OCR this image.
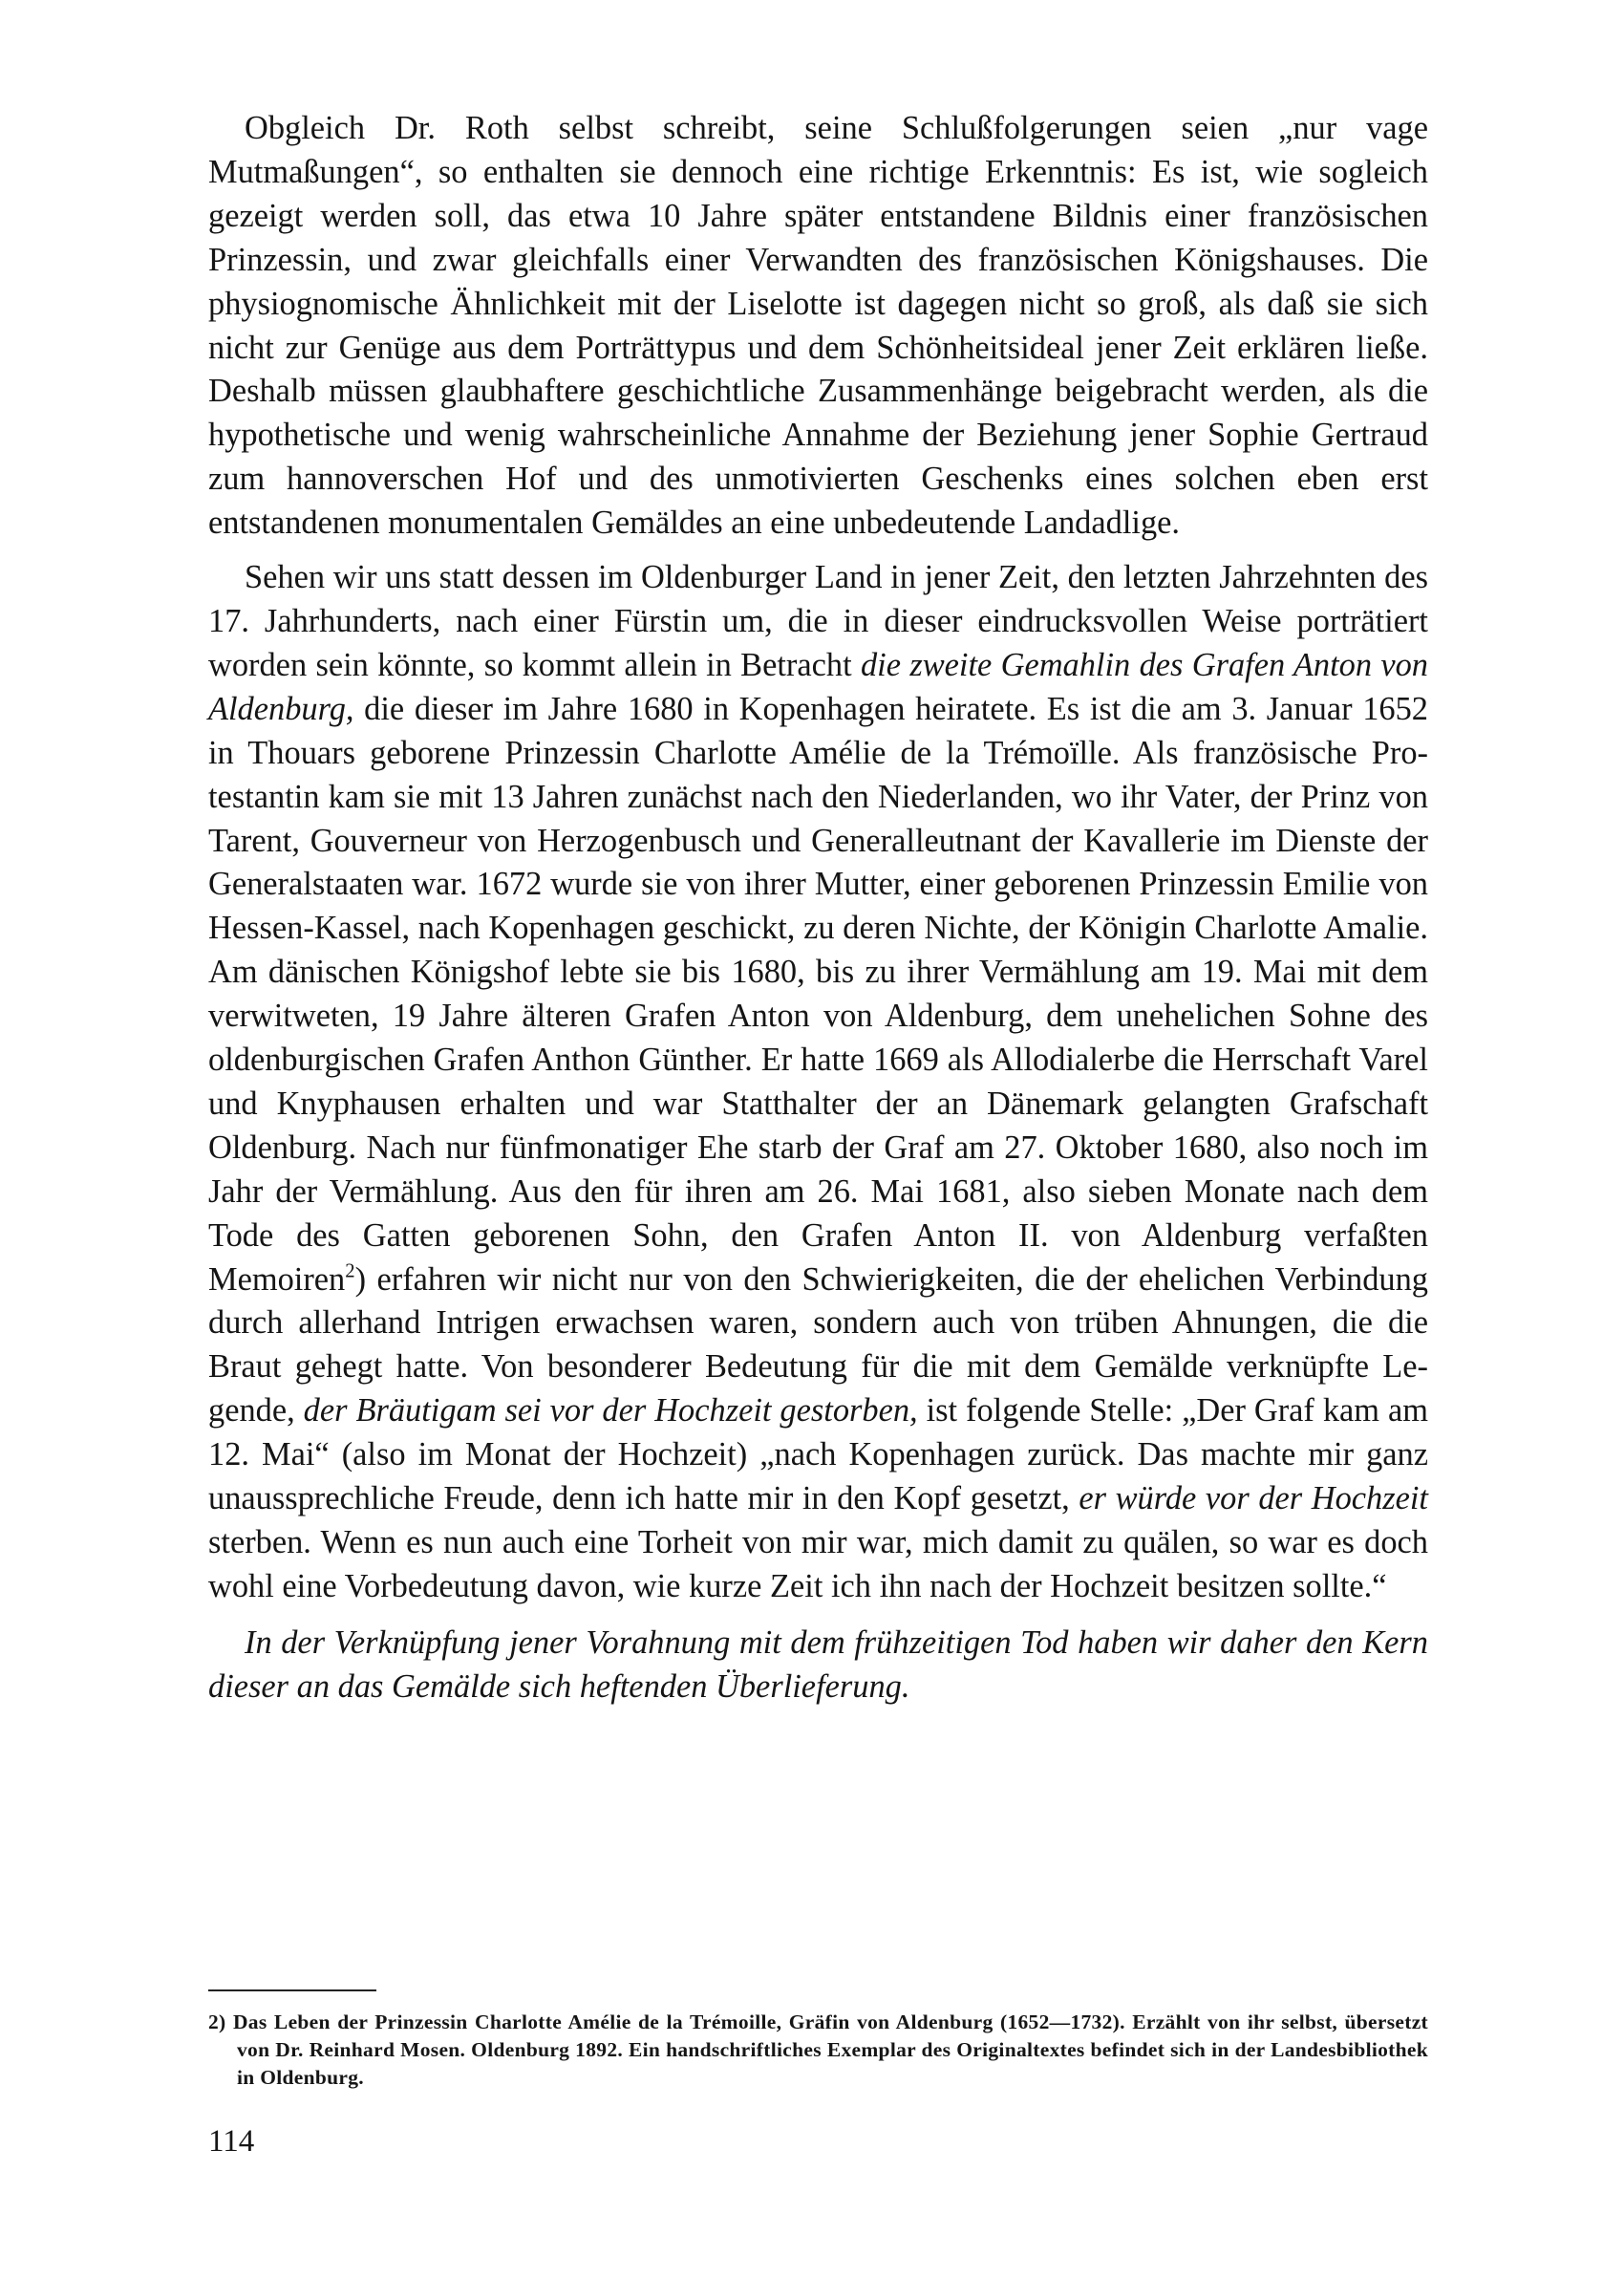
Obgleich Dr. Roth selbst schreibt, seine Schlußfolgerungen seien „nur vage Mutmaßungen“, so enthalten sie dennoch eine richtige Erkenntnis: Es ist, wie sogleich gezeigt werden soll, das etwa 10 Jahre später entstandene Bildnis einer französischen Prinzessin, und zwar gleichfalls einer Verwandten des französischen Königshauses. Die physiognomische Ähnlichkeit mit der Liselotte ist dagegen nicht so groß, als daß sie sich nicht zur Genüge aus dem Porträttypus und dem Schönheitsideal jener Zeit erklären ließe. Deshalb müssen glaubhaftere geschichtliche Zusammenhänge beigebracht werden, als die hypothetische und wenig wahrscheinliche Annahme der Beziehung jener Sophie Gertraud zum hannoverschen Hof und des unmotivierten Geschenks eines solchen eben erst entstandenen monumentalen Gemäldes an eine unbedeutende Landadlige.

Sehen wir uns statt dessen im Oldenburger Land in jener Zeit, den letzten Jahrzehnten des 17. Jahrhunderts, nach einer Fürstin um, die in dieser eindrucksvollen Weise porträtiert worden sein könnte, so kommt allein in Betracht die zweite Gemahlin des Grafen Anton von Aldenburg, die dieser im Jahre 1680 in Kopenhagen heiratete. Es ist die am 3. Januar 1652 in Thouars geborene Prinzessin Charlotte Amélie de la Trémoïlle. Als französische Protestantin kam sie mit 13 Jahren zunächst nach den Niederlanden, wo ihr Vater, der Prinz von Tarent, Gouverneur von Herzogenbusch und Generalleutnant der Kavallerie im Dienste der Generalstaaten war. 1672 wurde sie von ihrer Mutter, einer geborenen Prinzessin Emilie von Hessen-Kassel, nach Kopenhagen geschickt, zu deren Nichte, der Königin Charlotte Amalie. Am dänischen Königshof lebte sie bis 1680, bis zu ihrer Vermählung am 19. Mai mit dem verwitweten, 19 Jahre älteren Grafen Anton von Aldenburg, dem unehelichen Sohne des oldenburgischen Grafen Anthon Günther. Er hatte 1669 als Allodialerbe die Herrschaft Varel und Knyphausen erhalten und war Statthalter der an Dänemark gelangten Grafschaft Oldenburg. Nach nur fünfmonatiger Ehe starb der Graf am 27. Oktober 1680, also noch im Jahr der Vermählung. Aus den für ihren am 26. Mai 1681, also sieben Monate nach dem Tode des Gatten geborenen Sohn, den Grafen Anton II. von Aldenburg verfaßten Memoiren$^2$) erfahren wir nicht nur von den Schwierigkeiten, die der ehelichen Verbindung durch allerhand Intrigen erwachsen waren, sondern auch von trüben Ahnungen, die die Braut gehegt hatte. Von besonderer Bedeutung für die mit dem Gemälde verknüpfte Legende, der Bräutigam sei vor der Hochzeit gestorben, ist folgende Stelle: „Der Graf kam am 12. Mai“ (also im Monat der Hochzeit) „nach Kopenhagen zurück. Das machte mir ganz unaussprechliche Freude, denn ich hatte mir in den Kopf gesetzt, er würde vor der Hochzeit sterben. Wenn es nun auch eine Torheit von mir war, mich damit zu quälen, so war es doch wohl eine Vorbedeutung davon, wie kurze Zeit ich ihn nach der Hochzeit besitzen sollte.“

In der Verknüpfung jener Vorahnung mit dem frühzeitigen Tod haben wir daher den Kern dieser an das Gemälde sich heftenden Überlieferung.

2) Das Leben der Prinzessin Charlotte Amélie de la Trémoille, Gräfin von Aldenburg (1652—1732). Erzählt von ihr selbst, übersetzt von Dr. Reinhard Mosen. Oldenburg 1892. Ein handschriftliches Exemplar des Originaltextes befindet sich in der Landesbibliothek in Oldenburg.

114
